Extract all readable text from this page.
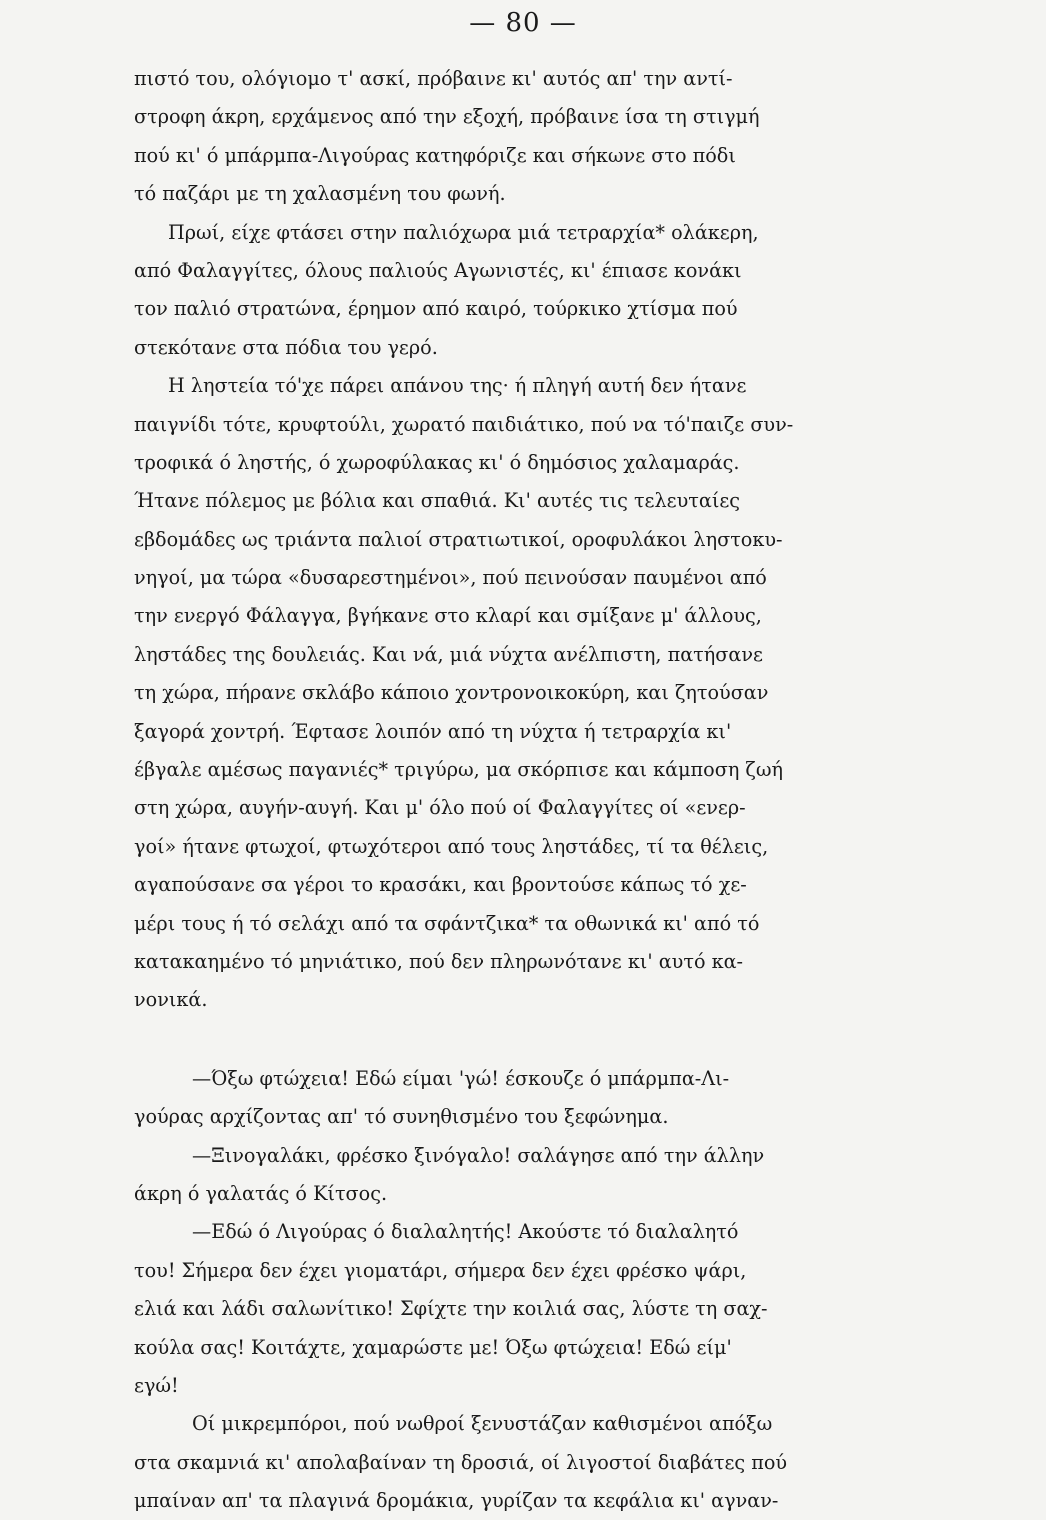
— 80 —
πιστό του, ολόγιομο τ' ασκί, πρόβαινε κι' αυτός απ' την αντί-
στροφη άκρη, ερχάμενος από την εξοχή, πρόβαινε ίσα τη στιγμή
πού κι' ό μπάρμπα-Λιγούρας κατηφόριζε και σήκωνε στο πόδι
τό παζάρι με τη χαλασμένη του φωνή.
Πρωί, είχε φτάσει στην παλιόχωρα μιά τετραρχία* ολάκερη,
από Φαλαγγίτες, όλους παλιούς Αγωνιστές, κι' έπιασε κονάκι
τον παλιό στρατώνα, έρημον από καιρό, τούρκικο χτίσμα πού
στεκότανε στα πόδια του γερό.
Η ληστεία τό'χε πάρει απάνου της· ή πληγή αυτή δεν ήτανε
παιγνίδι τότε, κρυφτούλι, χωρατό παιδιάτικο, πού να τό'παιζε συν-
τροφικά ό ληστής, ό χωροφύλακας κι' ό δημόσιος χαλαμαράς.
Ήτανε πόλεμος με βόλια και σπαθιά. Κι' αυτές τις τελευταίες
εβδομάδες ως τριάντα παλιοί στρατιωτικοί, οροφυλάκοι ληστοκυ-
νηγοί, μα τώρα «δυσαρεστημένοι», πού πεινούσαν παυμένοι από
την ενεργό Φάλαγγα, βγήκανε στο κλαρί και σμίξανε μ' άλλους,
ληστάδες της δουλειάς. Και νά, μιά νύχτα ανέλπιστη, πατήσανε
τη χώρα, πήρανε σκλάβο κάποιο χοντρονοικοκύρη, και ζητούσαν
ξαγορά χοντρή. Έφτασε λοιπόν από τη νύχτα ή τετραρχία κι'
έβγαλε αμέσως παγανιές* τριγύρω, μα σκόρπισε και κάμποση ζωή
στη χώρα, αυγήν-αυγή. Και μ' όλο πού οί Φαλαγγίτες οί «ενερ-
γοί» ήτανε φτωχοί, φτωχότεροι από τους ληστάδες, τί τα θέλεις,
αγαπούσανε σα γέροι το κρασάκι, και βροντούσε κάπως τό χε-
μέρι τους ή τό σελάχι από τα σφάντζικα* τα οθωνικά κι' από τό
κατακαημένο τό μηνιάτικο, πού δεν πληρωνότανε κι' αυτό κα-
νονικά.
—Όξω φτώχεια! Εδώ είμαι 'γώ! έσκουζε ό μπάρμπα-Λι-
γούρας αρχίζοντας απ' τό συνηθισμένο του ξεφώνημα.
—Ξινογαλάκι, φρέσκο ξινόγαλο! σαλάγησε από την άλλην
άκρη ό γαλατάς ό Κίτσος.
—Εδώ ό Λιγούρας ό διαλαλητής! Ακούστε τό διαλαλητό
του! Σήμερα δεν έχει γιοματάρι, σήμερα δεν έχει φρέσκο ψάρι,
ελιά και λάδι σαλωνίτικο! Σφίχτε την κοιλιά σας, λύστε τη σαχ-
κούλα σας! Κοιτάχτε, χαμαρώστε με! Όξω φτώχεια! Εδώ είμ'
εγώ!
Οί μικρεμπόροι, πού νωθροί ξενυστάζαν καθισμένοι απόξω
στα σκαμνιά κι' απολαβαίναν τη δροσιά, οί λιγοστοί διαβάτες πού
μπαίναν απ' τα πλαγινά δρομάκια, γυρίζαν τα κεφάλια κι' αγναν-
